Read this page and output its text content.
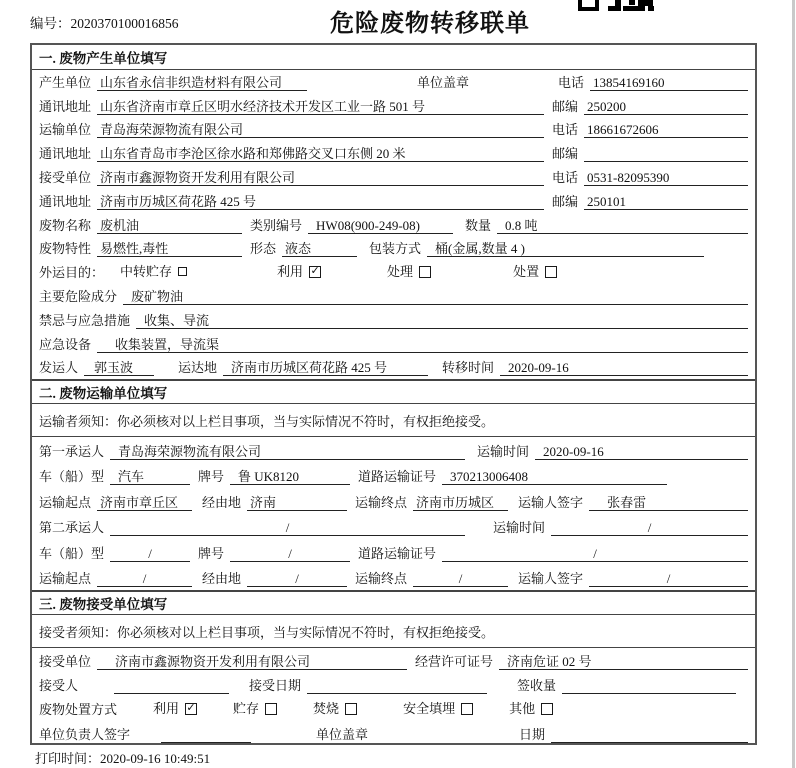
编号：2020370100016856	危险废物转移联单
一. 废物产生单位填写
产生单位 山东省永信非织造材料有限公司	单位盖章	电话 13854169160
通讯地址 山东省济南市章丘区明水经济技术开发区工业一路 501 号	邮编 250200
运输单位 青岛海荣源物流有限公司	电话 18661672606
通讯地址 山东省青岛市李沧区徐水路和郑佛路交叉口东侧 20 米	邮编
接受单位 济南市鑫源物资开发利用有限公司	电话 0531-82095390
通讯地址 济南市历城区荷花路 425 号	邮编 250101
废物名称 废机油	类别编号	HW08(900-249-08)	数量	0.8 吨
废物特性 易燃性,毒性	形态 液态	包装方式	桶(金属,数量 4 )
外运目的： 中转贮存	利用 ✓	处理	处置
主要危险成分	废矿物油
禁忌与应急措施	收集、导流
应急设备	收集装置，导流渠
发运人	郭玉波	运达地	济南市历城区荷花路 425 号	转移时间	2020-09-16
二. 废物运输单位填写
运输者须知：你必须核对以上栏目事项，当与实际情况不符时，有权拒绝接受。
第一承运人	青岛海荣源物流有限公司	运输时间	2020-09-16
车（船）型	汽车	牌号	鲁 UK8120	道路运输证号	370213006408
运输起点 济南市章丘区	经由地 济南	运输终点 济南市历城区	运输人签字	张春雷
第二承运人	/	运输时间	/
车（船）型	/	牌号	/	道路运输证号	/
运输起点	/	经由地	/	运输终点	/	运输人签字	/
三. 废物接受单位填写
接受者须知：你必须核对以上栏目事项，当与实际情况不符时，有权拒绝接受。
接受单位	济南市鑫源物资开发利用有限公司	经营许可证号	济南危证 02 号
接受人	接受日期	签收量
废物处置方式	利用 ✓	贮存	焚烧	安全填埋	其他
单位负责人签字	单位盖章	日期
打印时间：2020-09-16 10:49:51
